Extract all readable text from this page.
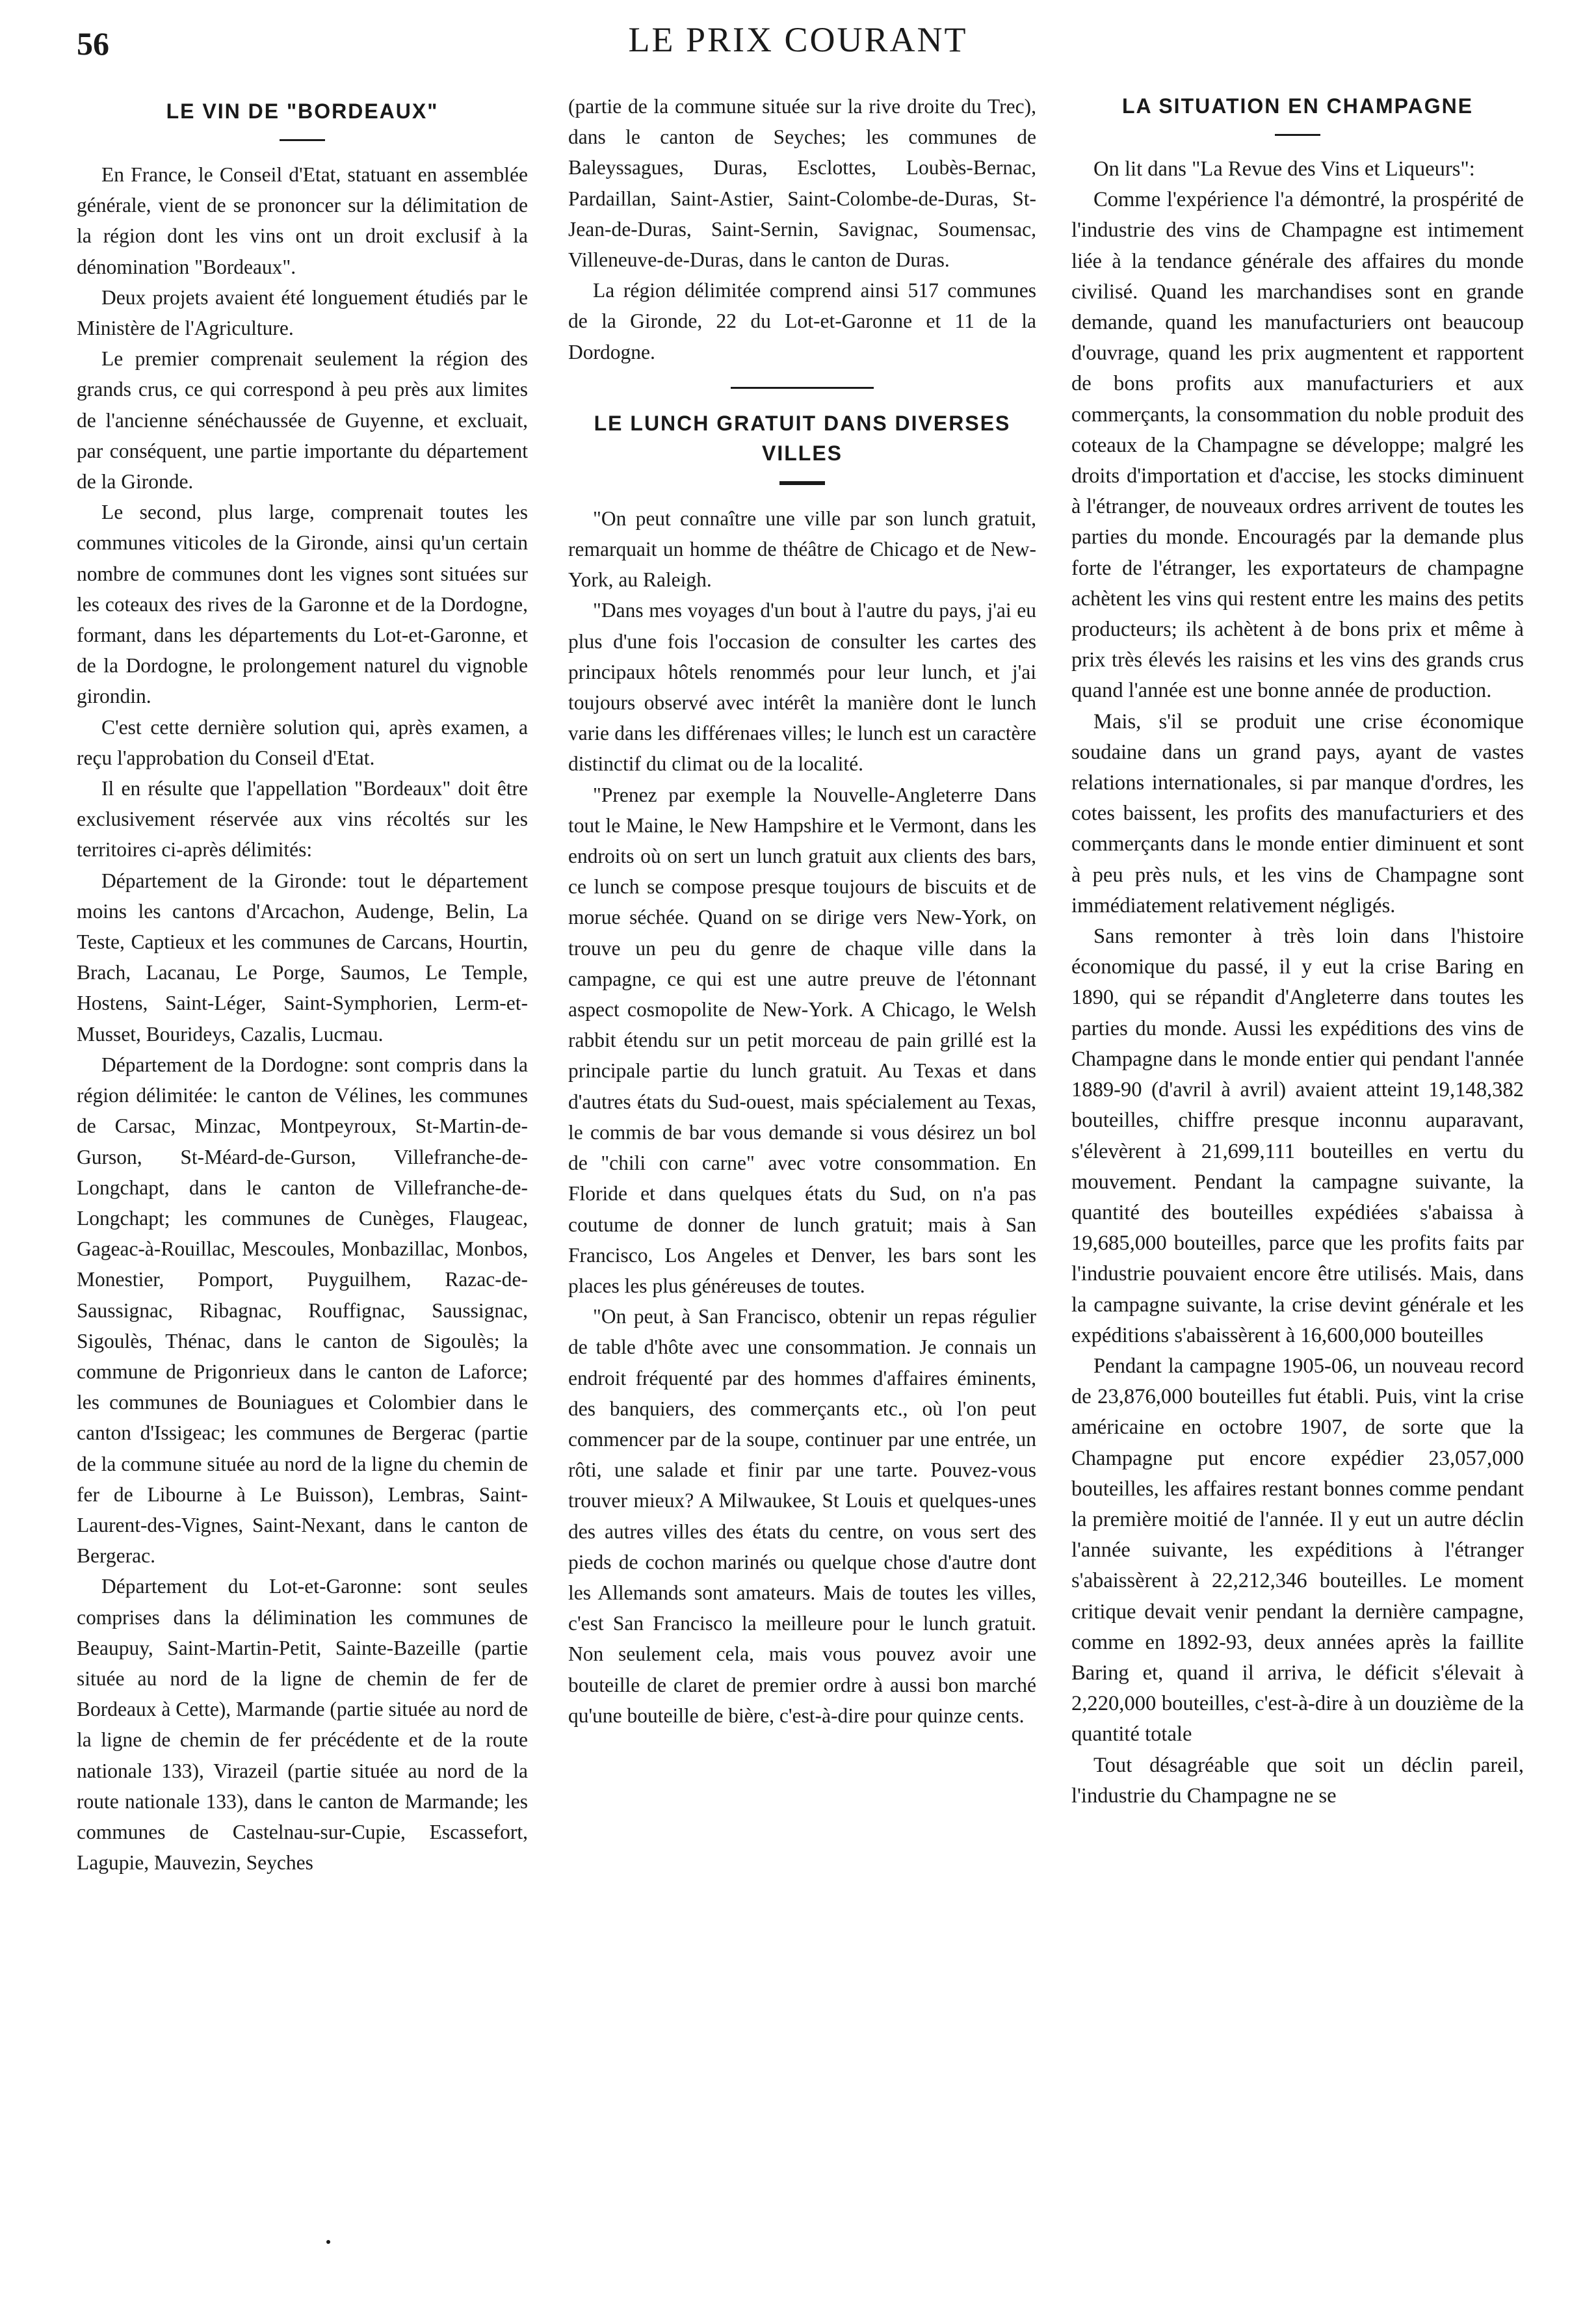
56	LE PRIX COURANT
LE VIN DE "BORDEAUX"

En France, le Conseil d'Etat, statuant en assemblée générale, vient de se prononcer sur la délimitation de la région dont les vins ont un droit exclusif à la dénomination "Bordeaux".

Deux projets avaient été longuement étudiés par le Ministère de l'Agriculture.

Le premier comprenait seulement la région des grands crus, ce qui correspond à peu près aux limites de l'ancienne sénéchaussée de Guyenne, et excluait, par conséquent, une partie importante du département de la Gironde.

Le second, plus large, comprenait toutes les communes viticoles de la Gironde, ainsi qu'un certain nombre de communes dont les vignes sont situées sur les coteaux des rives de la Garonne et de la Dordogne, formant, dans les départements du Lot-et-Garonne, et de la Dordogne, le prolongement naturel du vignoble girondin.

C'est cette dernière solution qui, après examen, a reçu l'approbation du Conseil d'Etat.

Il en résulte que l'appellation "Bordeaux" doit être exclusivement réservée aux vins récoltés sur les territoires ci-après délimités:

Département de la Gironde: tout le département moins les cantons d'Arcachon, Audenge, Belin, La Teste, Captieux et les communes de Carcans, Hourtin, Brach, Lacanau, Le Porge, Saumos, Le Temple, Hostens, Saint-Léger, Saint-Symphorien, Lerm-et-Musset, Bourideys, Cazalis, Lucmau.

Département de la Dordogne: sont compris dans la région délimitée: le canton de Vélines, les communes de Carsac, Minzac, Montpeyroux, St-Martin-de-Gurson, St-Méard-de-Gurson, Villefranche-de-Longchapt, dans le canton de Villefranche-de-Longchapt; les communes de Cunèges, Flaugeac, Gageac-à-Rouillac, Mescoules, Monbazillac, Monbos, Monestier, Pomport, Puyguilhem, Razac-de-Saussignac, Ribagnac, Rouffignac, Saussignac, Sigoulès, Thénac, dans le canton de Sigoulès; la commune de Prigonrieux dans le canton de Laforce; les communes de Bouniagues et Colombier dans le canton d'Issigeac; les communes de Bergerac (partie de la commune située au nord de la ligne du chemin de fer de Libourne à Le Buisson), Lembras, Saint-Laurent-des-Vignes, Saint-Nexant, dans le canton de Bergerac.

Département du Lot-et-Garonne: sont seules comprises dans la délimination les communes de Beaupuy, Saint-Martin-Petit, Sainte-Bazeille (partie située au nord de la ligne de chemin de fer de Bordeaux à Cette), Marmande (partie située au nord de la ligne de chemin de fer précédente et de la route nationale 133), Virazeil (partie située au nord de la route nationale 133), dans le canton de Marmande; les communes de Castelnau-sur-Cupie, Escassefort, Lagupie, Mauvezin, Seyches

(partie de la commune située sur la rive droite du Trec), dans le canton de Seyches; les communes de Baleyssagues, Duras, Esclottes, Loubès-Bernac, Pardaillan, Saint-Astier, Saint-Colombe-de-Duras, St-Jean-de-Duras, Saint-Sernin, Savignac, Soumensac, Villeneuve-de-Duras, dans le canton de Duras.

La région délimitée comprend ainsi 517 communes de la Gironde, 22 du Lot-et-Garonne et 11 de la Dordogne.

LE LUNCH GRATUIT DANS DIVERSES VILLES

"On peut connaître une ville par son lunch gratuit, remarquait un homme de théâtre de Chicago et de New-York, au Raleigh.

"Dans mes voyages d'un bout à l'autre du pays, j'ai eu plus d'une fois l'occasion de consulter les cartes des principaux hôtels renommés pour leur lunch, et j'ai toujours observé avec intérêt la manière dont le lunch varie dans les différenaes villes; le lunch est un caractère distinctif du climat ou de la localité.

"Prenez par exemple la Nouvelle-Angleterre Dans tout le Maine, le New Hampshire et le Vermont, dans les endroits où on sert un lunch gratuit aux clients des bars, ce lunch se compose presque toujours de biscuits et de morue séchée. Quand on se dirige vers New-York, on trouve un peu du genre de chaque ville dans la campagne, ce qui est une autre preuve de l'étonnant aspect cosmopolite de New-York. A Chicago, le Welsh rabbit étendu sur un petit morceau de pain grillé est la principale partie du lunch gratuit. Au Texas et dans d'autres états du Sud-ouest, mais spécialement au Texas, le commis de bar vous demande si vous désirez un bol de "chili con carne" avec votre consommation. En Floride et dans quelques états du Sud, on n'a pas coutume de donner de lunch gratuit; mais à San Francisco, Los Angeles et Denver, les bars sont les places les plus généreuses de toutes.

"On peut, à San Francisco, obtenir un repas régulier de table d'hôte avec une consommation. Je connais un endroit fréquenté par des hommes d'affaires éminents, des banquiers, des commerçants etc., où l'on peut commencer par de la soupe, continuer par une entrée, un rôti, une salade et finir par une tarte. Pouvez-vous trouver mieux? A Milwaukee, St Louis et quelques-unes des autres villes des états du centre, on vous sert des pieds de cochon marinés ou quelque chose d'autre dont les Allemands sont amateurs. Mais de toutes les villes, c'est San Francisco la meilleure pour le lunch gratuit. Non seulement cela, mais vous pouvez avoir une bouteille de claret de premier ordre à aussi bon marché qu'une bouteille de bière, c'est-à-dire pour quinze cents.

LA SITUATION EN CHAMPAGNE

On lit dans "La Revue des Vins et Liqueurs":

Comme l'expérience l'a démontré, la prospérité de l'industrie des vins de Champagne est intimement liée à la tendance générale des affaires du monde civilisé. Quand les marchandises sont en grande demande, quand les manufacturiers ont beaucoup d'ouvrage, quand les prix augmentent et rapportent de bons profits aux manufacturiers et aux commerçants, la consommation du noble produit des coteaux de la Champagne se développe; malgré les droits d'importation et d'accise, les stocks diminuent à l'étranger, de nouveaux ordres arrivent de toutes les parties du monde. Encouragés par la demande plus forte de l'étranger, les exportateurs de champagne achètent les vins qui restent entre les mains des petits producteurs; ils achètent à de bons prix et même à prix très élevés les raisins et les vins des grands crus quand l'année est une bonne année de production.

Mais, s'il se produit une crise économique soudaine dans un grand pays, ayant de vastes relations internationales, si par manque d'ordres, les cotes baissent, les profits des manufacturiers et des commerçants dans le monde entier diminuent et sont à peu près nuls, et les vins de Champagne sont immédiatement relativement négligés.

Sans remonter à très loin dans l'histoire économique du passé, il y eut la crise Baring en 1890, qui se répandit d'Angleterre dans toutes les parties du monde. Aussi les expéditions des vins de Champagne dans le monde entier qui pendant l'année 1889-90 (d'avril à avril) avaient atteint 19,148,382 bouteilles, chiffre presque inconnu auparavant, s'élevèrent à 21,699,111 bouteilles en vertu du mouvement. Pendant la campagne suivante, la quantité des bouteilles expédiées s'abaissa à 19,685,000 bouteilles, parce que les profits faits par l'industrie pouvaient encore être utilisés. Mais, dans la campagne suivante, la crise devint générale et les expéditions s'abaissèrent à 16,600,000 bouteilles

Pendant la campagne 1905-06, un nouveau record de 23,876,000 bouteilles fut établi. Puis, vint la crise américaine en octobre 1907, de sorte que la Champagne put encore expédier 23,057,000 bouteilles, les affaires restant bonnes comme pendant la première moitié de l'année. Il y eut un autre déclin l'année suivante, les expéditions à l'étranger s'abaissèrent à 22,212,346 bouteilles. Le moment critique devait venir pendant la dernière campagne, comme en 1892-93, deux années après la faillite Baring et, quand il arriva, le déficit s'élevait à 2,220,000 bouteilles, c'est-à-dire à un douzième de la quantité totale

Tout désagréable que soit un déclin pareil, l'industrie du Champagne ne se
